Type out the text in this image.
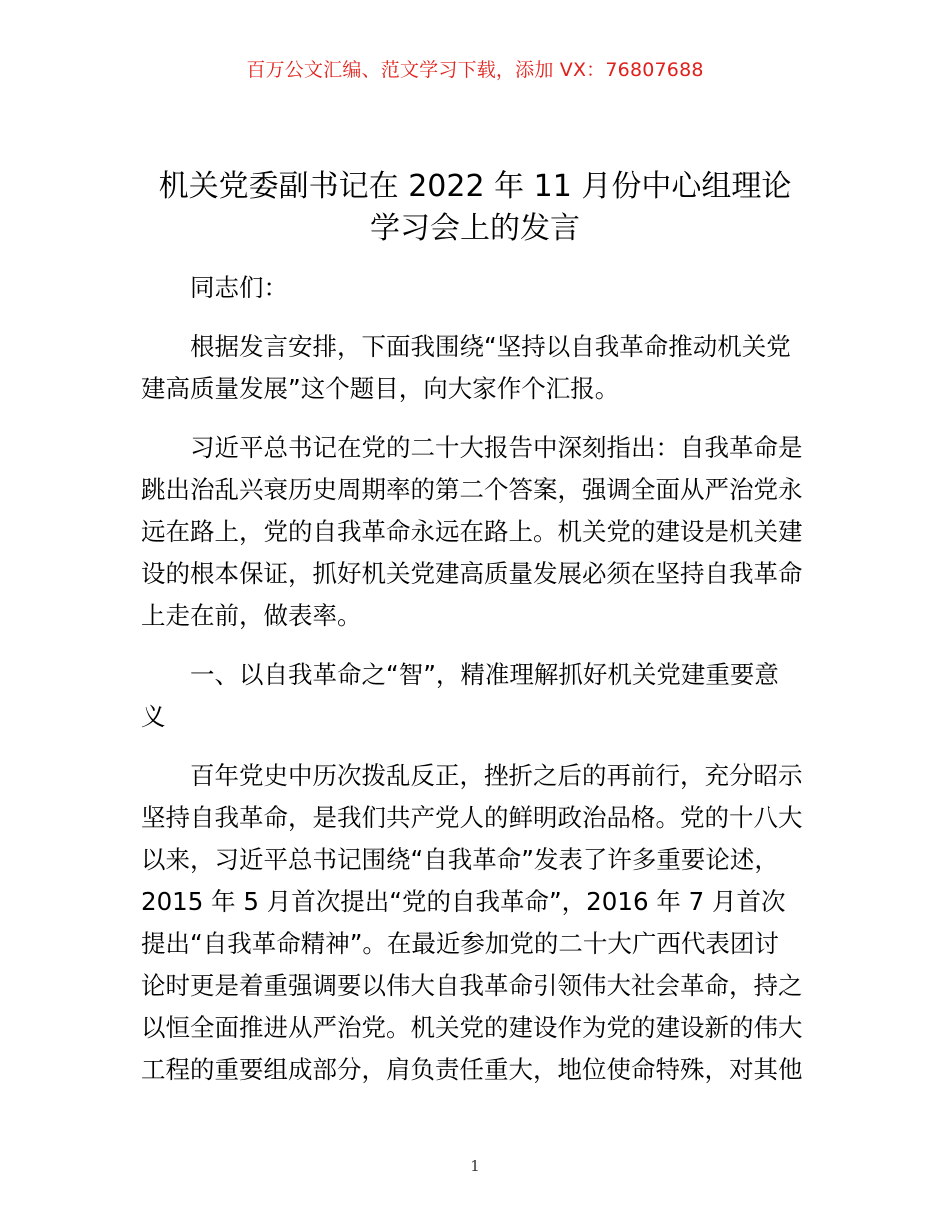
百万公文汇编、范文学习下载，添加 VX：76807688
机关党委副书记在 2022 年 11 月份中心组理论
学习会上的发言

同志们：

根据发言安排，下面我围绕“坚持以自我革命推动机关党
建高质量发展”这个题目，向大家作个汇报。

习近平总书记在党的二十大报告中深刻指出：自我革命是
跳出治乱兴衰历史周期率的第二个答案，强调全面从严治党永
远在路上，党的自我革命永远在路上。机关党的建设是机关建
设的根本保证，抓好机关党建高质量发展必须在坚持自我革命
上走在前，做表率。

一、以自我革命之“智”，精准理解抓好机关党建重要意
义

百年党史中历次拨乱反正，挫折之后的再前行，充分昭示
坚持自我革命，是我们共产党人的鲜明政治品格。党的十八大
以来，习近平总书记围绕“自我革命”发表了许多重要论述，
2015 年 5 月首次提出“党的自我革命”，2016 年 7 月首次
提出“自我革命精神”。在最近参加党的二十大广西代表团讨
论时更是着重强调要以伟大自我革命引领伟大社会革命，持之
以恒全面推进从严治党。机关党的建设作为党的建设新的伟大
工程的重要组成部分，肩负责任重大，地位使命特殊，对其他

1
